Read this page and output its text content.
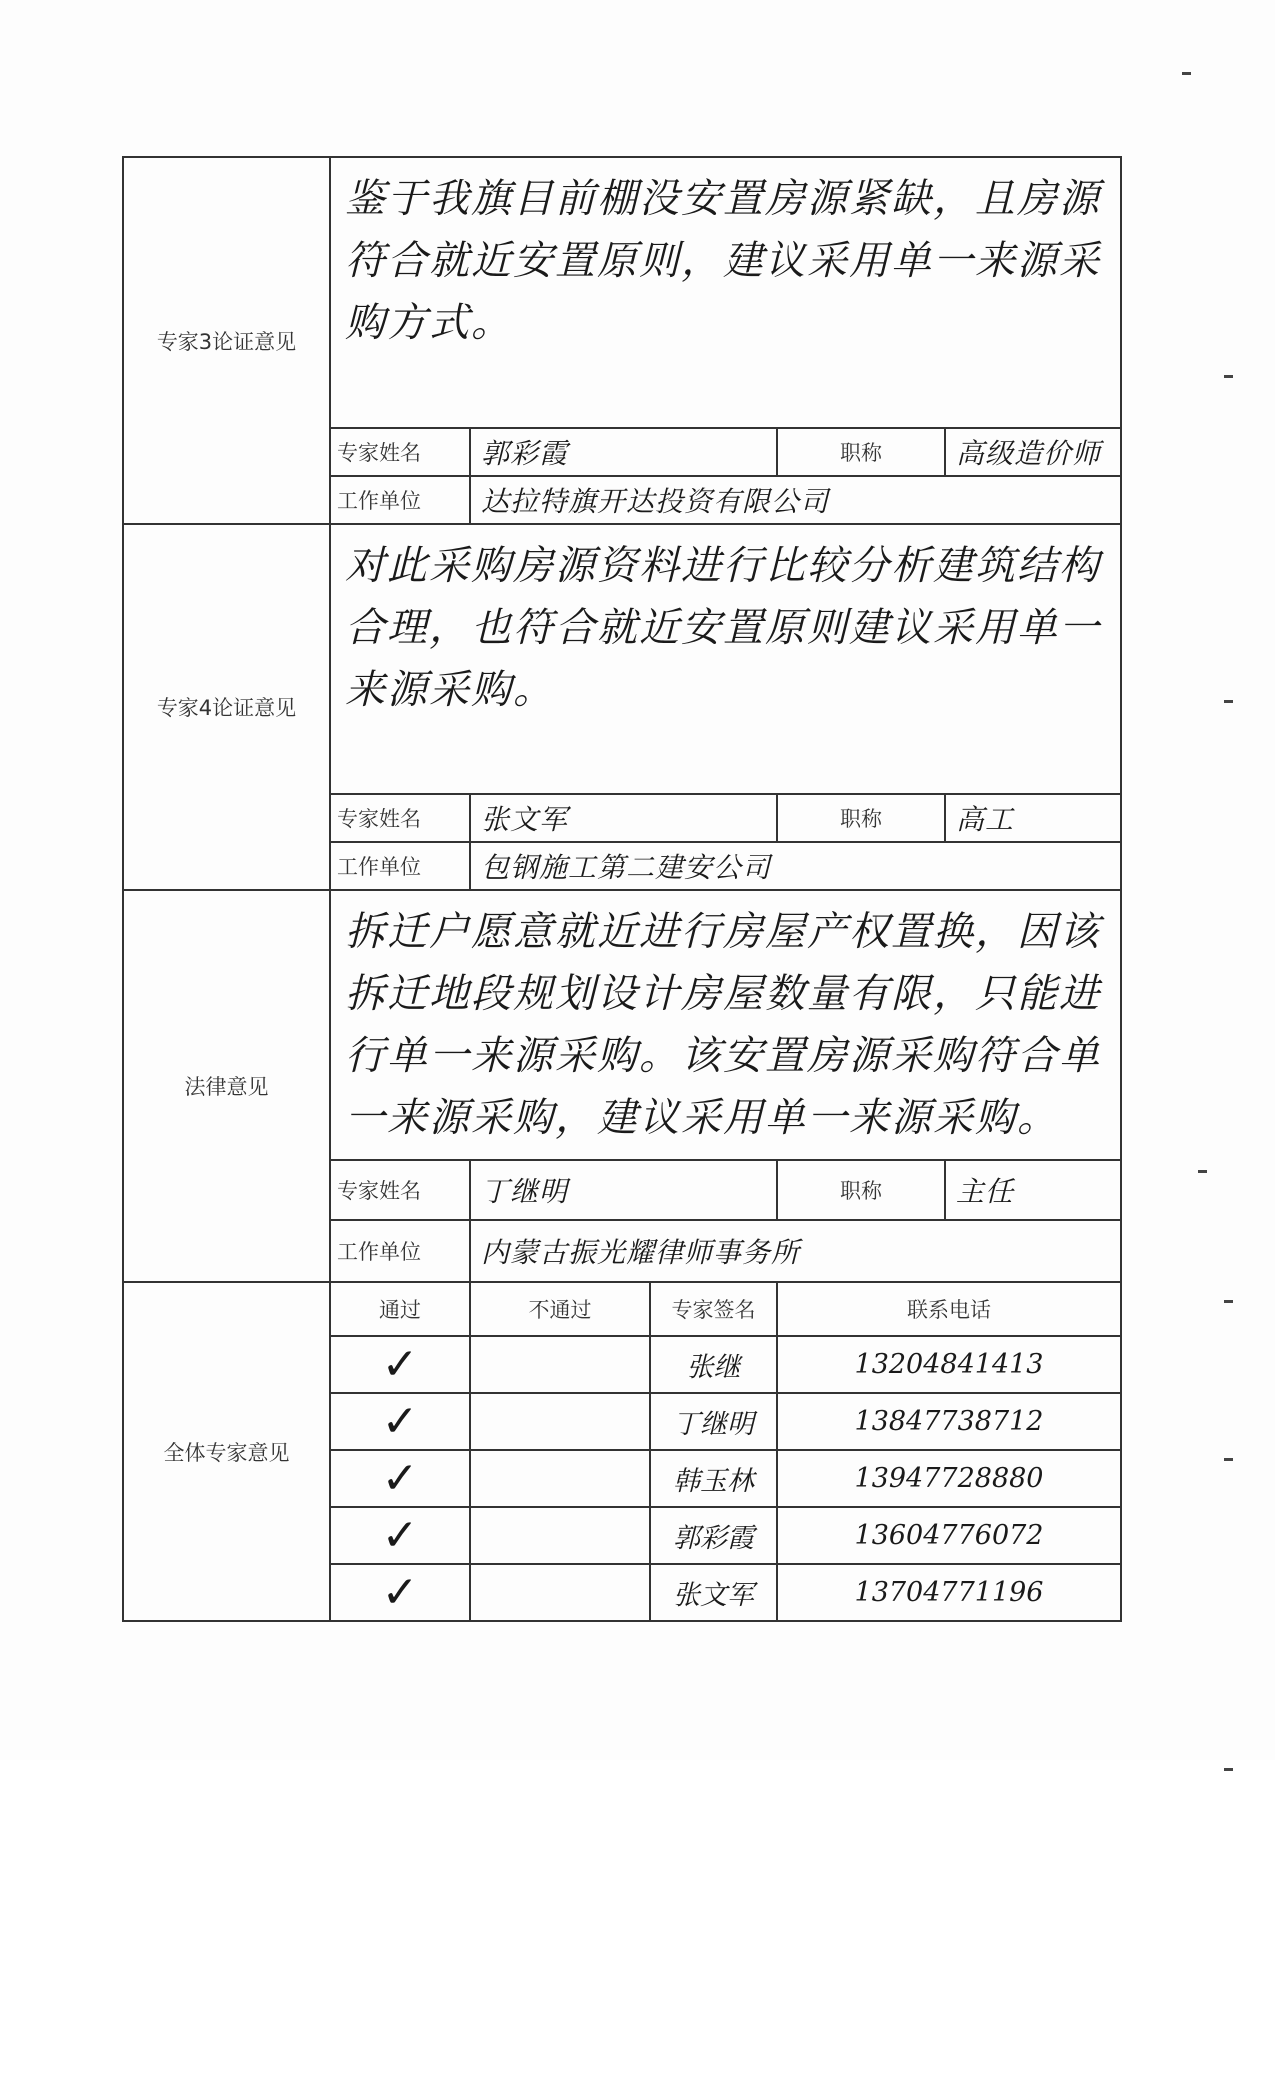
专家3论证意见	鉴于我旗目前棚没安置房源紧缺，且房源符合就近安置原则，建议采用单一来源采购方式。				
	专家姓名	郭彩霞		职称	高级造价师
	工作单位	达拉特旗开达投资有限公司			
专家4论证意见	对此采购房源资料进行比较分析建筑结构合理，也符合就近安置原则建议采用单一来源采购。				
	专家姓名	张文军		职称	高工
	工作单位	包钢施工第二建安公司			
法律意见	拆迁户愿意就近进行房屋产权置换，因该拆迁地段规划设计房屋数量有限，只能进行单一来源采购。该安置房源采购符合单一来源采购，建议采用单一来源采购。				
	专家姓名	丁继明		职称	主任
	工作单位	内蒙古振光耀律师事务所			
全体专家意见	通过	不通过	专家签名	联系电话	
	✓		张继	13204841413	
	✓		丁继明	13847738712	
	✓		韩玉林	13947728880	
	✓		郭彩霞	13604776072	
	✓		张文军	13704771196	
